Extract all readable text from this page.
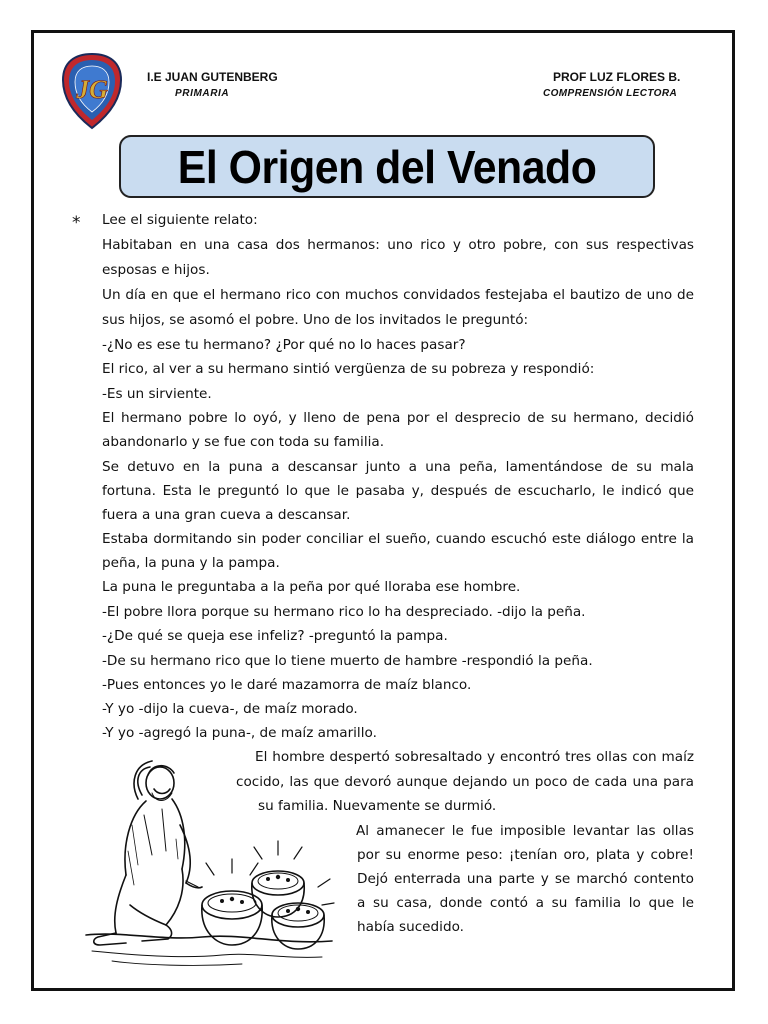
JG	I.E JUAN GUTENBERG
PRIMARIA
PROF LUZ FLORES B.
COMPRENSIÓN LECTORA
El Origen del Venado
* Lee el siguiente relato:
Habitaban en una casa dos hermanos: uno rico y otro pobre, con sus respectivas
esposas e hijos.
Un día en que el hermano rico con muchos convidados festejaba el bautizo de uno de
sus hijos, se asomó el pobre. Uno de los invitados le preguntó:
-¿No es ese tu hermano? ¿Por qué no lo haces pasar?
El rico, al ver a su hermano sintió vergüenza de su pobreza y respondió:
-Es un sirviente.
El hermano pobre lo oyó, y lleno de pena por el desprecio de su hermano, decidió
abandonarlo y se fue con toda su familia.
Se detuvo en la puna a descansar junto a una peña, lamentándose de su mala
fortuna. Esta le preguntó lo que le pasaba y, después de escucharlo, le indicó que
fuera a una gran cueva a descansar.
Estaba dormitando sin poder conciliar el sueño, cuando escuchó este diálogo entre la
peña, la puna y la pampa.
La puna le preguntaba a la peña por qué lloraba ese hombre.
-El pobre llora porque su hermano rico lo ha despreciado. -dijo la peña.
-¿De qué se queja ese infeliz? -preguntó la pampa.
-De su hermano rico que lo tiene muerto de hambre -respondió la peña.
-Pues entonces yo le daré mazamorra de maíz blanco.
-Y yo -dijo la cueva-, de maíz morado.
-Y yo -agregó la puna-, de maíz amarillo.
El hombre despertó sobresaltado y encontró tres ollas con maíz
cocido, las que devoró aunque dejando un poco de cada una para
su familia. Nuevamente se durmió.
Al amanecer le fue imposible levantar las ollas
por su enorme peso: ¡tenían oro, plata y cobre!
Dejó enterrada una parte y se marchó contento
a su casa, donde contó a su familia lo que le
había sucedido.
